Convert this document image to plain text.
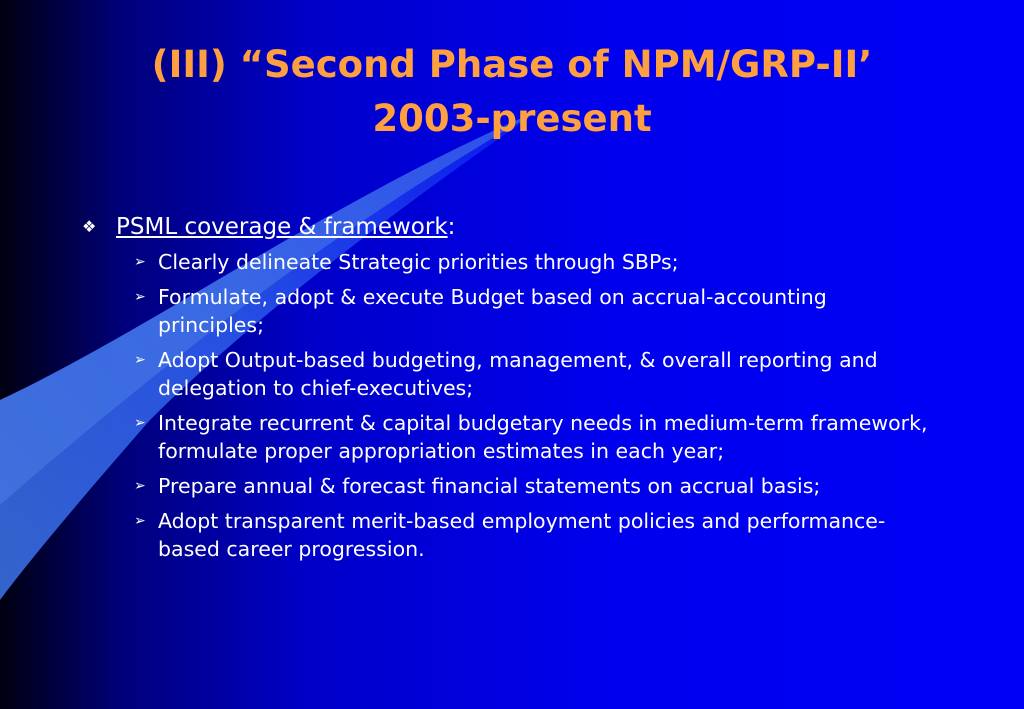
(III) “Second Phase of NPM/GRP-II’
2003-present
❖ PSML coverage & framework:
➢ Clearly delineate Strategic priorities through SBPs;
➢ Formulate, adopt & execute Budget based on accrual-accounting principles;
➢ Adopt Output-based budgeting, management, & overall reporting and delegation to chief-executives;
➢ Integrate recurrent & capital budgetary needs in medium-term framework, formulate proper appropriation estimates in each year;
➢ Prepare annual & forecast financial statements on accrual basis;
➢ Adopt transparent merit-based employment policies and performance-based career progression.
